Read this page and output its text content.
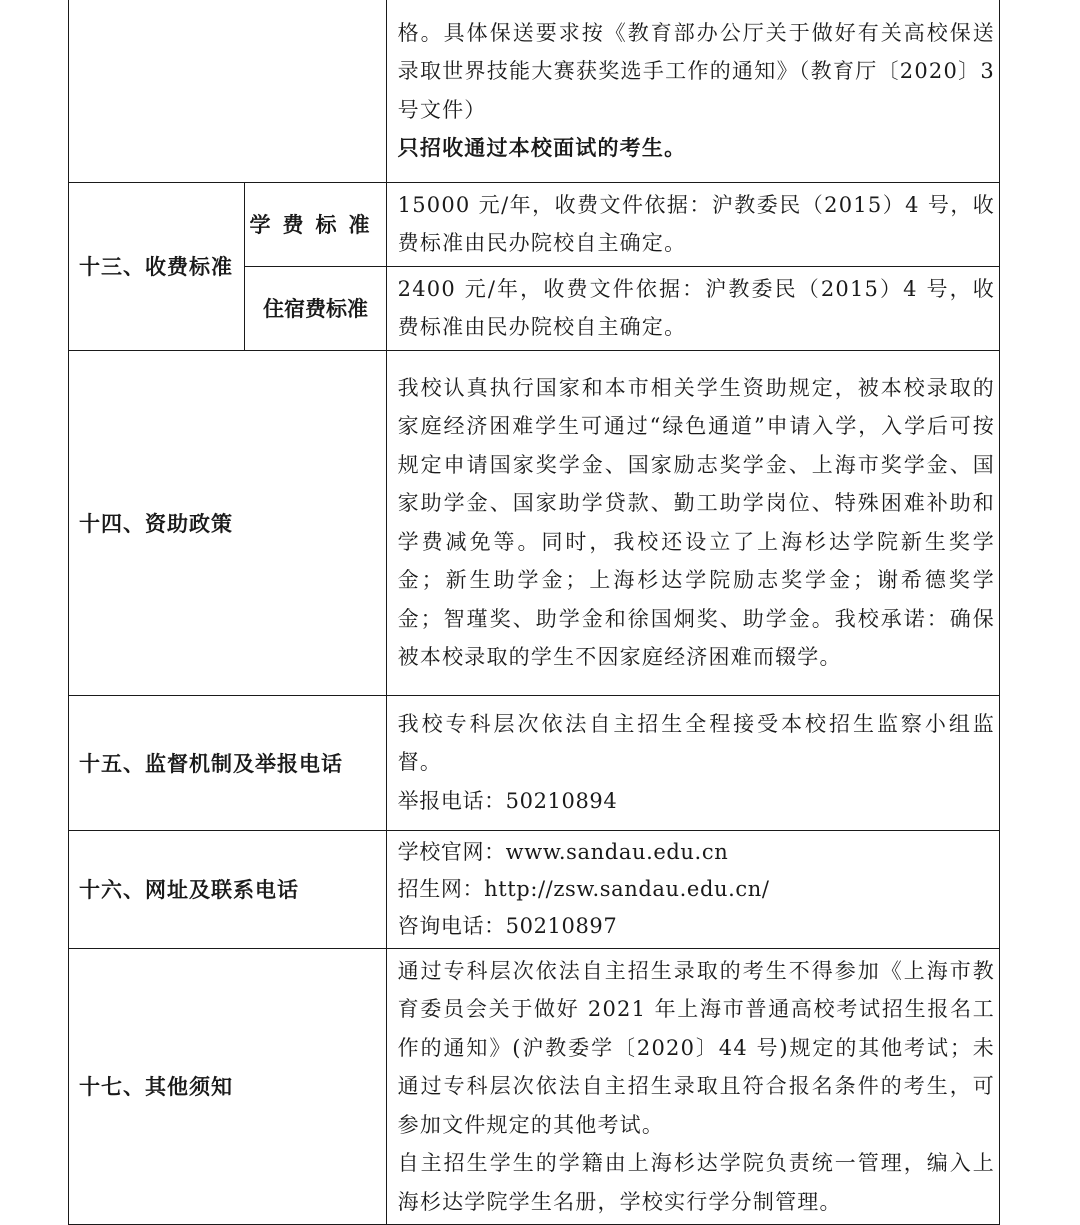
		格。具体保送要求按《教育部办公厅关于做好有关高校保送录取世界技能大赛获奖选手工作的通知》（教育厅〔2020〕3 号文件）

只招收通过本校面试的考生。

十三、收费标准	学费标准	15000 元/年，收费文件依据：沪教委民（2015）4 号，收费标准由民办院校自主确定。
	住宿费标准	2400 元/年，收费文件依据：沪教委民（2015）4 号，收费标准由民办院校自主确定。
十四、资助政策		我校认真执行国家和本市相关学生资助规定，被本校录取的家庭经济困难学生可通过“绿色通道”申请入学，入学后可按规定申请国家奖学金、国家励志奖学金、上海市奖学金、国家助学金、国家助学贷款、勤工助学岗位、特殊困难补助和学费减免等。同时，我校还设立了上海杉达学院新生奖学金；新生助学金；上海杉达学院励志奖学金；谢希德奖学金；智瑾奖、助学金和徐国炯奖、助学金。我校承诺：确保被本校录取的学生不因家庭经济困难而辍学。
十五、监督机制及举报电话		我校专科层次依法自主招生全程接受本校招生监察小组监督。

举报电话：50210894

十六、网址及联系电话		学校官网：www.sandau.edu.cn

招生网：http://zsw.sandau.edu.cn/

咨询电话：50210897

十七、其他须知		通过专科层次依法自主招生录取的考生不得参加《上海市教育委员会关于做好 2021 年上海市普通高校考试招生报名工作的通知》(沪教委学〔2020〕44 号)规定的其他考试；未通过专科层次依法自主招生录取且符合报名条件的考生，可参加文件规定的其他考试。

自主招生学生的学籍由上海杉达学院负责统一管理，编入上海杉达学院学生名册，学校实行学分制管理。
